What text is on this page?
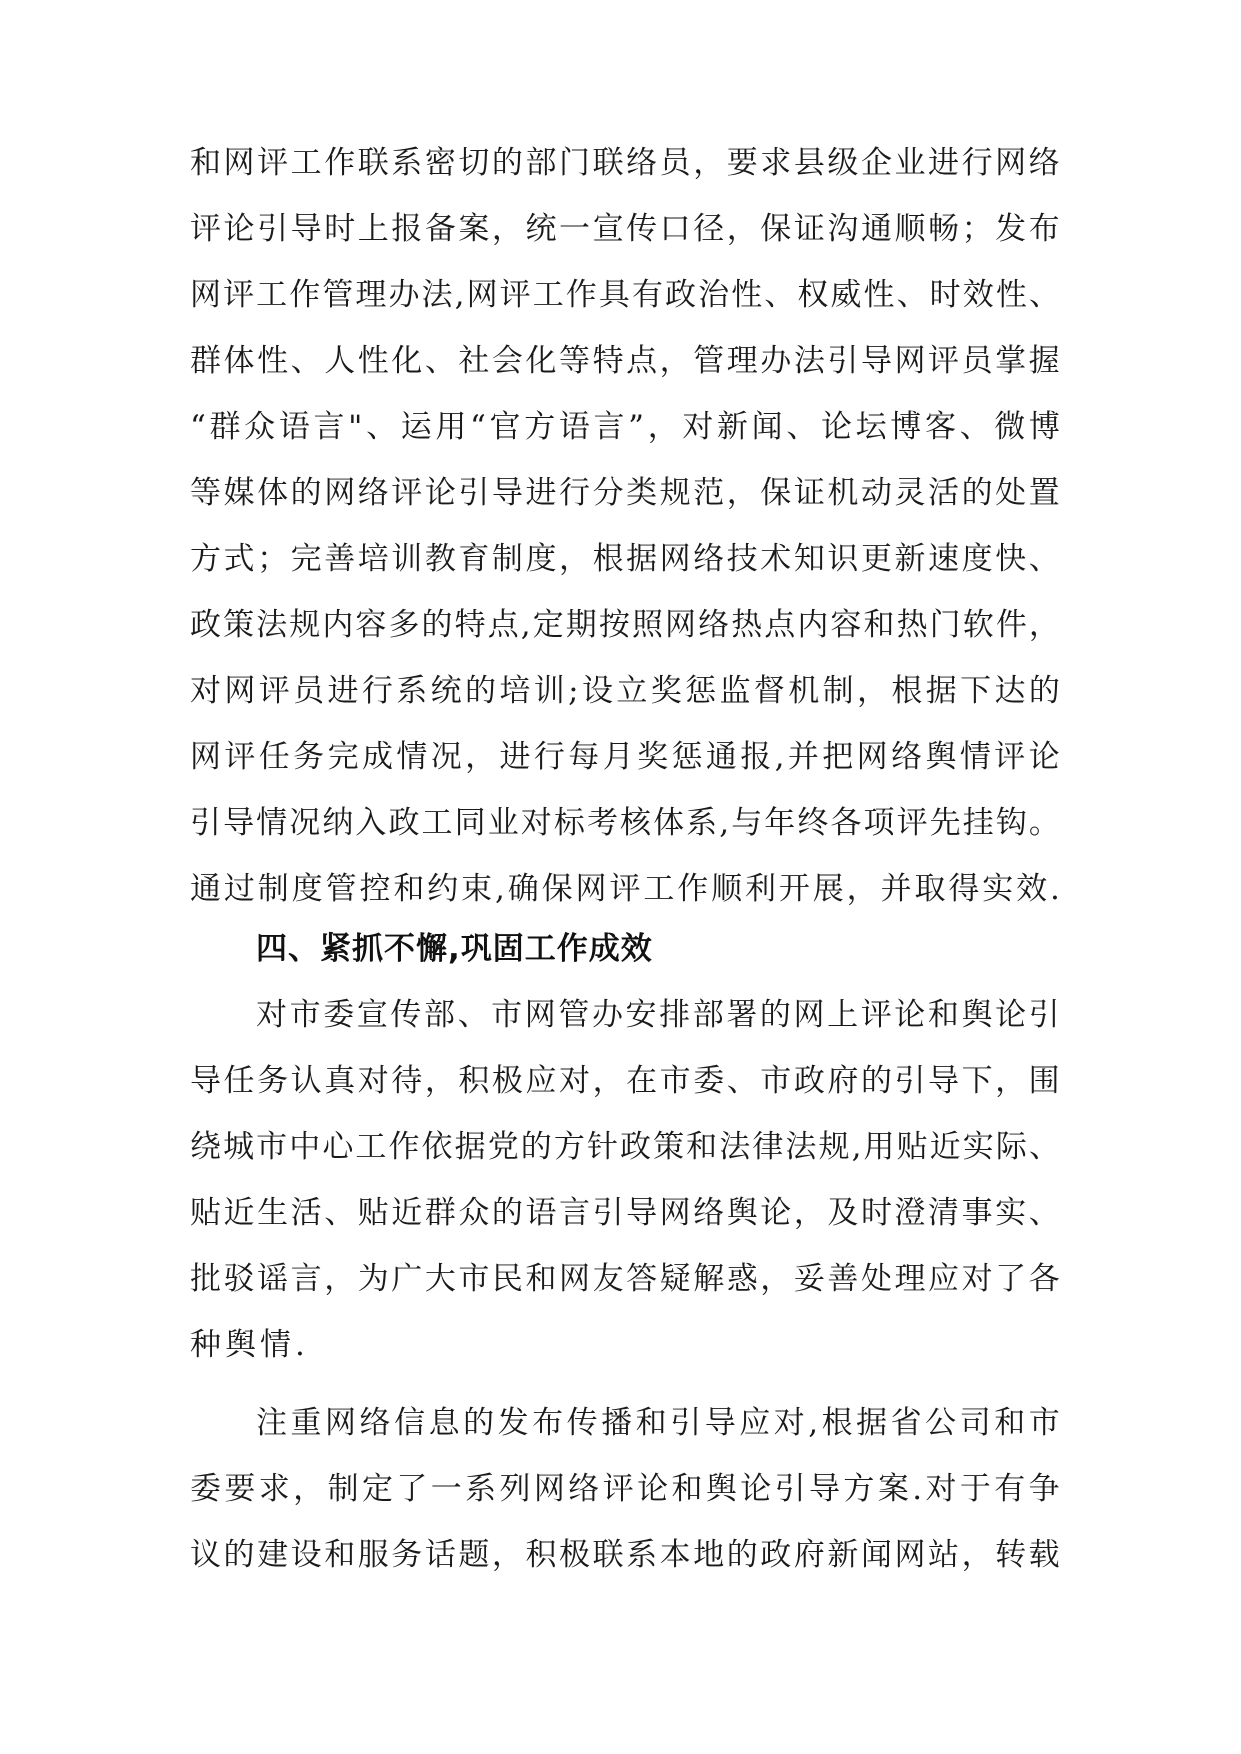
和 网 评 工 作 联 系 密 切 的 部 门 联 络 员 ， 要 求 县 级 企 业 进 行 网 络
评 论 引 导 时 上 报 备 案 ， 统 一 宣 传 口 径 ， 保 证 沟 通 顺 畅 ； 发 布
网 评 工 作 管 理 办 法 , 网 评 工 作 具 有 政 治 性 、 权 威 性 、 时 效 性 、
群 体 性 、 人 性 化 、 社 会 化 等 特 点 ， 管 理 办 法 引 导 网 评 员 掌 握
“ 群 众 语 言 " 、 运 用 “ 官 方 语 言 ” ， 对 新 闻 、 论 坛 博 客 、 微 博
等 媒 体 的 网 络 评 论 引 导 进 行 分 类 规 范 ， 保 证 机 动 灵 活 的 处 置
方 式 ； 完 善 培 训 教 育 制 度 ， 根 据 网 络 技 术 知 识 更 新 速 度 快 、
政 策 法 规 内 容 多 的 特 点 , 定 期 按 照 网 络 热 点 内 容 和 热 门 软 件 ，
对 网 评 员 进 行 系 统 的 培 训 ; 设 立 奖 惩 监 督 机 制 ， 根 据 下 达 的
网 评 任 务 完 成 情 况 ， 进 行 每 月 奖 惩 通 报 , 并 把 网 络 舆 情 评 论
引 导 情 况 纳 入 政 工 同 业 对 标 考 核 体 系 , 与 年 终 各 项 评 先 挂 钩 。
通 过 制 度 管 控 和 约 束 , 确 保 网 评 工 作 顺 利 开 展 ， 并 取 得 实 效 .
四、紧抓不懈,巩固工作成效
对 市 委 宣 传 部 、 市 网 管 办 安 排 部 署 的 网 上 评 论 和 舆 论 引
导 任 务 认 真 对 待 ， 积 极 应 对 ， 在 市 委 、 市 政 府 的 引 导 下 ， 围
绕 城 市 中 心 工 作 依 据 党 的 方 针 政 策 和 法 律 法 规 , 用 贴 近 实 际 、
贴 近 生 活 、 贴 近 群 众 的 语 言 引 导 网 络 舆 论 ， 及 时 澄 清 事 实 、
批 驳 谣 言 ， 为 广 大 市 民 和 网 友 答 疑 解 惑 ， 妥 善 处 理 应 对 了 各
种 舆 情 .
注 重 网 络 信 息 的 发 布 传 播 和 引 导 应 对 , 根 据 省 公 司 和 市
委 要 求 ， 制 定 了 一 系 列 网 络 评 论 和 舆 论 引 导 方 案 . 对 于 有 争
议 的 建 设 和 服 务 话 题 ， 积 极 联 系 本 地 的 政 府 新 闻 网 站 ， 转 载
